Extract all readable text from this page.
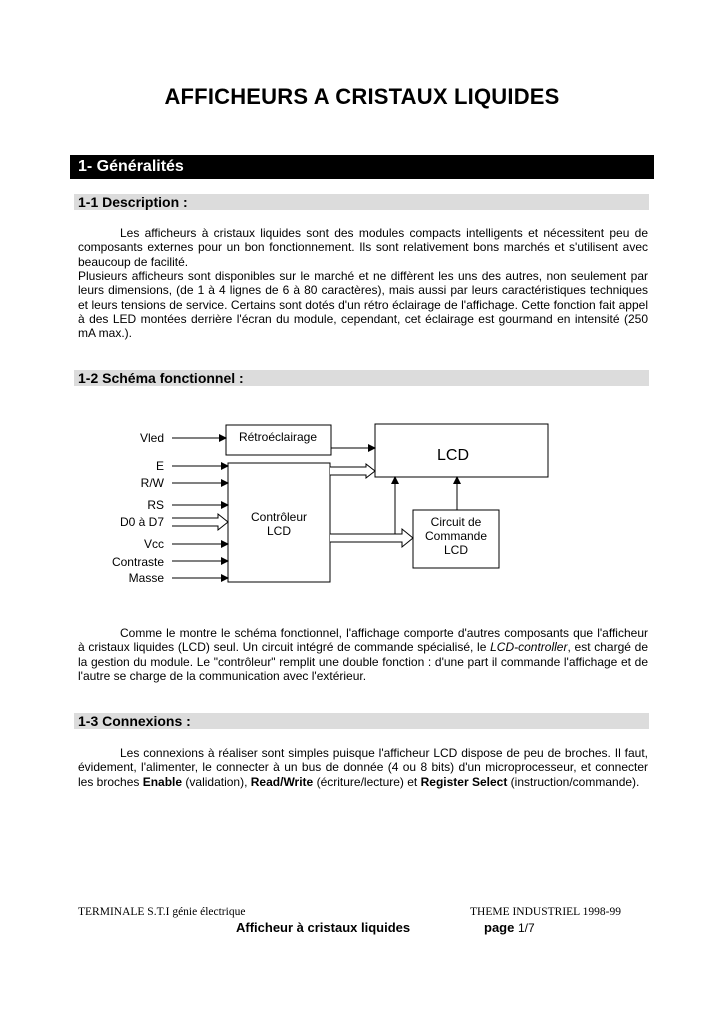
AFFICHEURS A CRISTAUX LIQUIDES
1- Généralités
1-1 Description :

Les afficheurs à cristaux liquides sont des modules compacts intelligents et nécessitent peu de composants externes pour un bon fonctionnement. Ils sont relativement bons marchés et s'utilisent avec beaucoup de facilité.

Plusieurs afficheurs sont disponibles sur le marché et ne diffèrent les uns des autres, non seulement par leurs dimensions, (de 1 à 4 lignes de 6 à 80 caractères), mais aussi par leurs caractéristiques techniques et leurs tensions de service. Certains sont dotés d'un rétro éclairage de l'affichage. Cette fonction fait appel à des LED montées derrière l'écran du module, cependant, cet éclairage est gourmand en intensité (250 mA max.).

1-2 Schéma fonctionnel :
Rétroéclairage
LCD
Contrôleur
LCD
Circuit de
Commande
LCD
Vled
E
R/W
RS
D0 à D7
Vcc
Contraste
Masse

Comme le montre le schéma fonctionnel, l'affichage comporte d'autres composants que l'afficheur à cristaux liquides (LCD) seul. Un circuit intégré de commande spécialisé, le LCD-controller, est chargé de la gestion du module. Le "contrôleur" remplit une double fonction : d'une part il commande l'affichage et de l'autre se charge de la communication avec l'extérieur.

1-3 Connexions :

Les connexions à réaliser sont simples puisque l'afficheur LCD dispose de peu de broches. Il faut, évidement, l'alimenter, le connecter à un bus de donnée (4 ou 8 bits) d'un microprocesseur, et connecter les broches Enable (validation), Read/Write (écriture/lecture) et Register Select (instruction/commande).

TERMINALE S.T.I génie électrique	THEME INDUSTRIEL 1998-99
Afficheur à cristaux liquides	page 1/7
